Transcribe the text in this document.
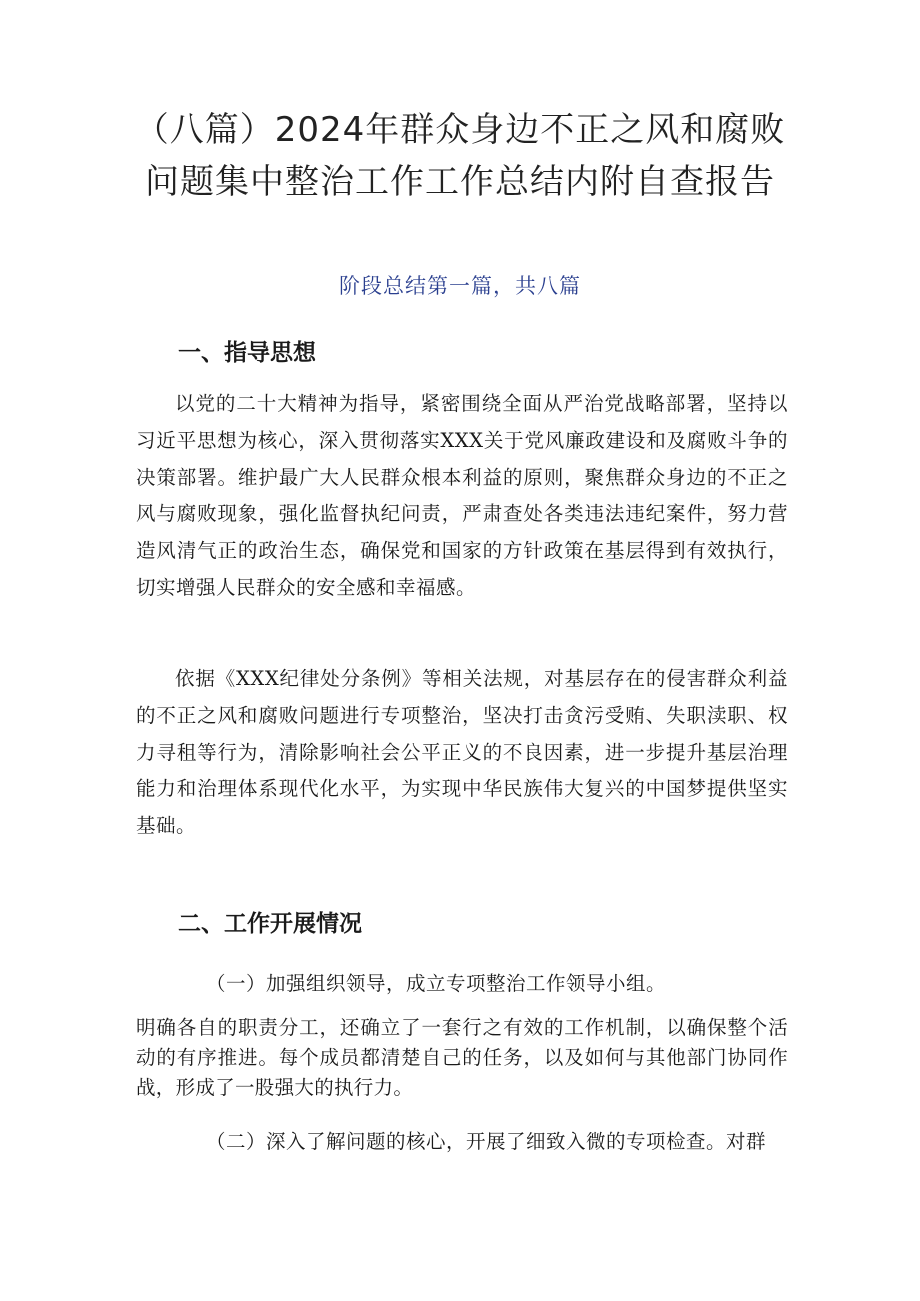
（八篇）2024年群众身边不正之风和腐败问题集中整治工作工作总结内附自查报告
阶段总结第一篇，共八篇
一、指导思想

以党的二十大精神为指导，紧密围绕全面从严治党战略部署，坚持以习近平思想为核心，深入贯彻落实XXX关于党风廉政建设和及腐败斗争的决策部署。维护最广大人民群众根本利益的原则，聚焦群众身边的不正之风与腐败现象，强化监督执纪问责，严肃查处各类违法违纪案件，努力营造风清气正的政治生态，确保党和国家的方针政策在基层得到有效执行，切实增强人民群众的安全感和幸福感。

依据《XXX纪律处分条例》等相关法规，对基层存在的侵害群众利益的不正之风和腐败问题进行专项整治，坚决打击贪污受贿、失职渎职、权力寻租等行为，清除影响社会公平正义的不良因素，进一步提升基层治理能力和治理体系现代化水平，为实现中华民族伟大复兴的中国梦提供坚实基础。

二、工作开展情况

（一）加强组织领导，成立专项整治工作领导小组。

明确各自的职责分工，还确立了一套行之有效的工作机制，以确保整个活动的有序推进。每个成员都清楚自己的任务，以及如何与其他部门协同作战，形成了一股强大的执行力。

（二）深入了解问题的核心，开展了细致入微的专项检查。对群
